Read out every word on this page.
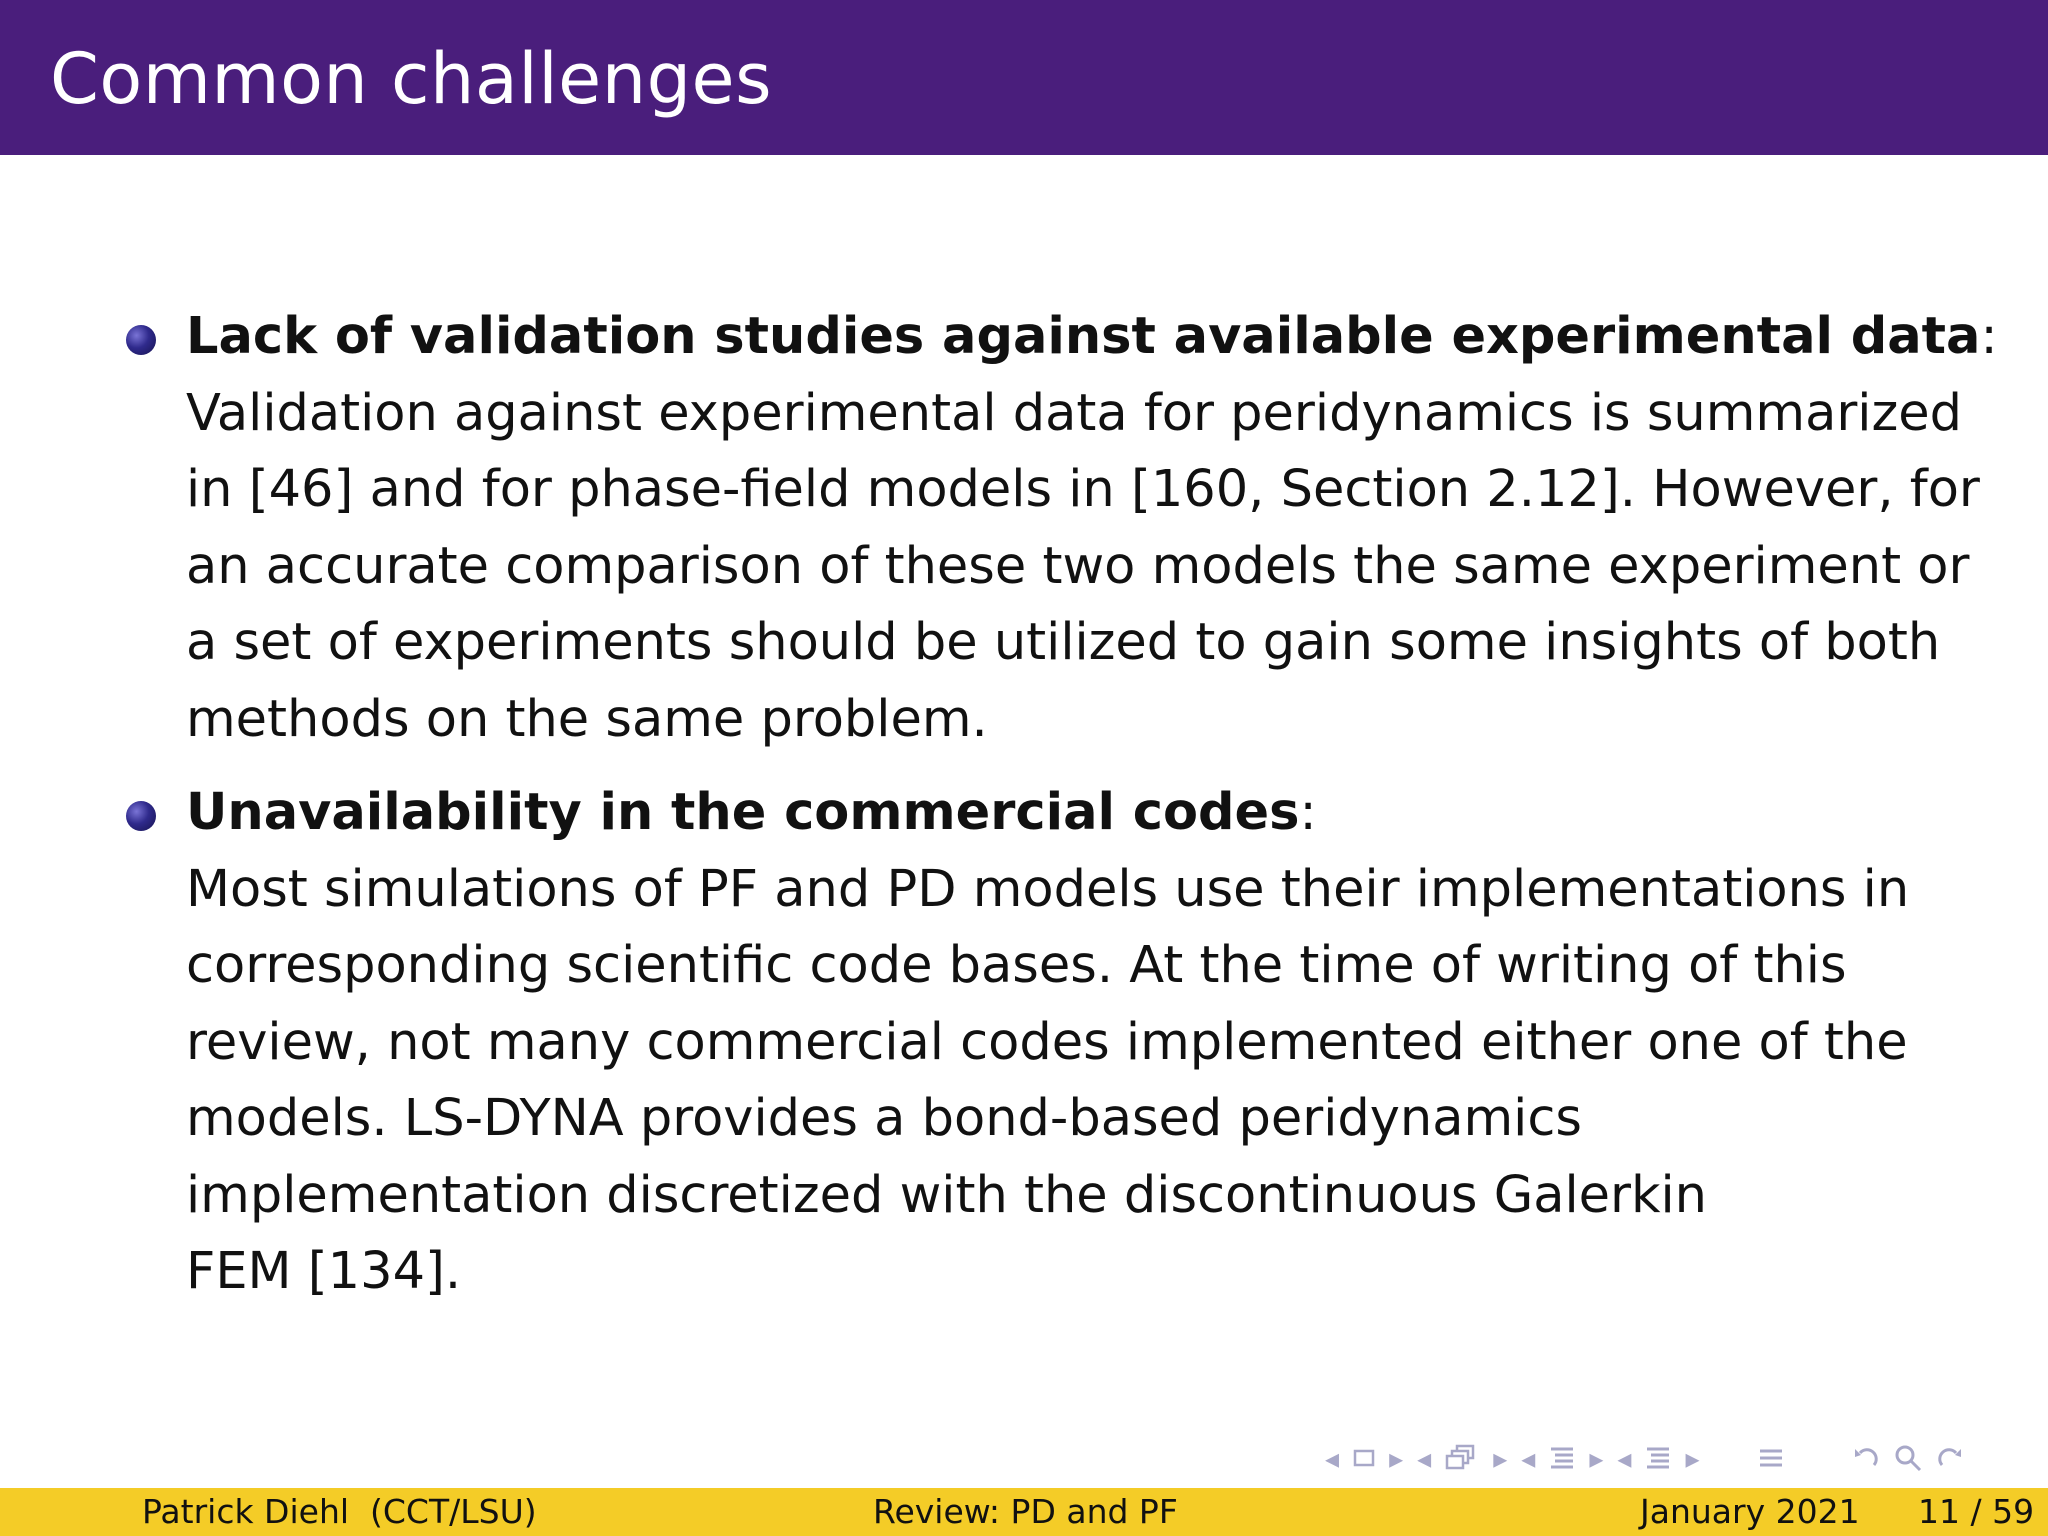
Common challenges
Lack of validation studies against available experimental data:
Validation against experimental data for peridynamics is summarized
in [46] and for phase-field models in [160, Section 2.12]. However, for
an accurate comparison of these two models the same experiment or
a set of experiments should be utilized to gain some insights of both
methods on the same problem.
Unavailability in the commercial codes:
Most simulations of PF and PD models use their implementations in
corresponding scientific code bases. At the time of writing of this
review, not many commercial codes implemented either one of the
models. LS-DYNA provides a bond-based peridynamics
implementation discretized with the discontinuous Galerkin
FEM [134].
◂ ▸ ◂ ▸ ◂ ▸ ◂ ▸
Patrick Diehl  (CCT/LSU)	Review: PD and PF	January 2021 11 / 59
